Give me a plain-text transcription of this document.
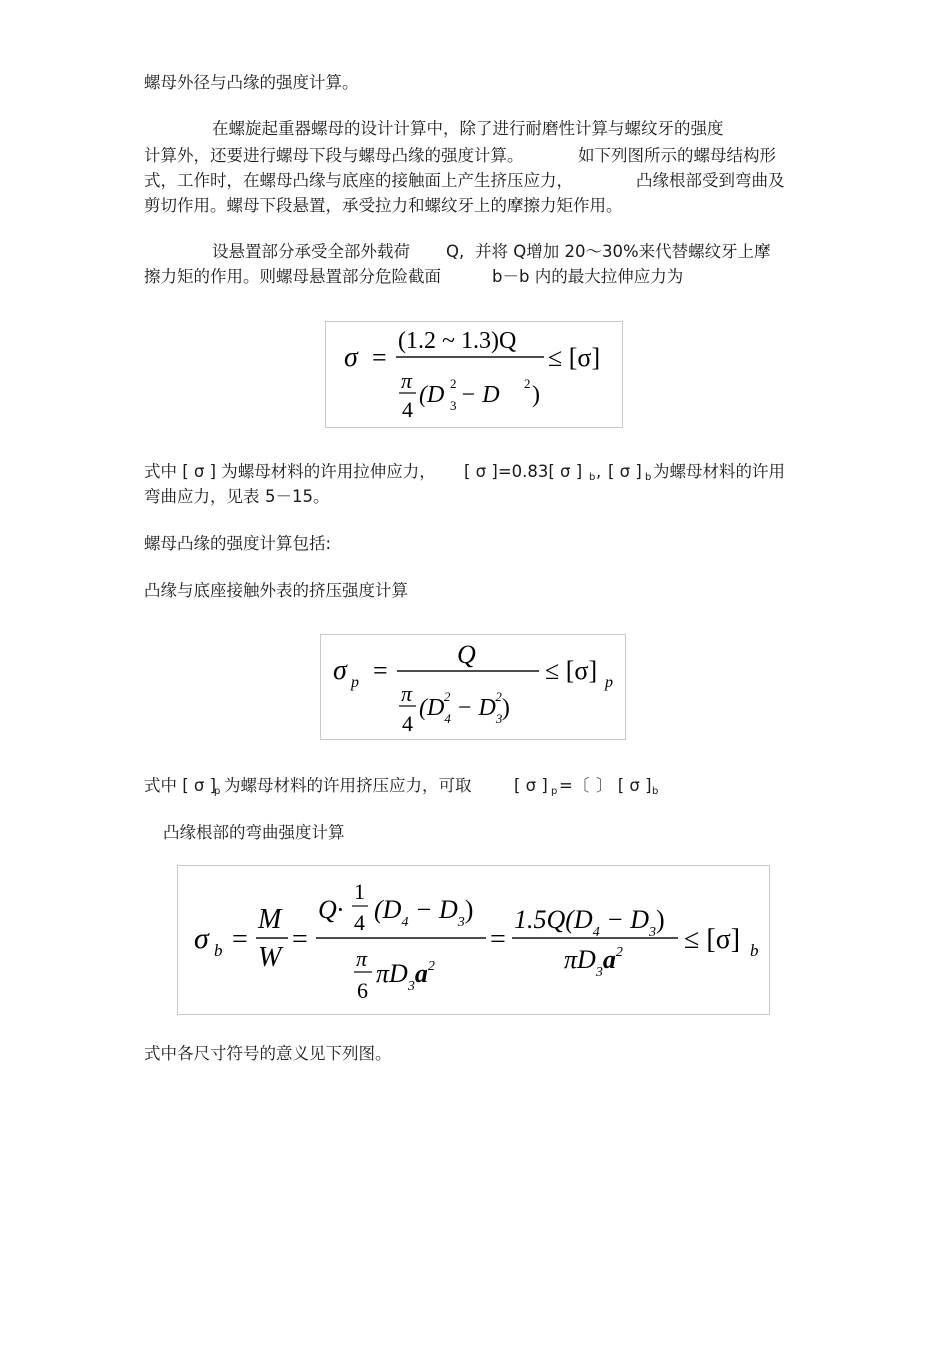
螺母外径与凸缘的强度计算。
在螺旋起重器螺母的设计计算中，除了进行耐磨性计算与螺纹牙的强度
计算外，还要进行螺母下段与螺母凸缘的强度计算。	如下列图所示的螺母结构形
式，工作时，在螺母凸缘与底座的接触面上产生挤压应力，	凸缘根部受到弯曲及
剪切作用。螺母下段悬置，承受拉力和螺纹牙上的摩擦力矩作用。
设悬置部分承受全部外载荷 Q, 并将 Q增加 20～30%来代替螺纹牙上摩
擦力矩的作用。则螺母悬置部分危险截面	b－b 内的最大拉伸应力为
σ =
(1.2 ~ 1.3)Q
π
4
(D 3
2 − D 2 )
≤ [σ]
式中 [ σ ] 为螺母材料的许用拉伸应力， [ σ ]=0.83[ σ ] b , [ σ ] b 为螺母材料的许用
弯曲应力，见表 5－15。
螺母凸缘的强度计算包括:
凸缘与底座接触外表的挤压强度计算
σ p =
Q
π
4
$(D_42 - D_32)$
≤ [σ] p
式中 [ σ ]
p 为螺母材料的许用挤压应力，可取	[ σ ] p =〔 〕 [ σ ] b
凸缘根部的弯曲强度计算
σ b =
M
W
=
Q·
1
4 $(D_4 - D_3)$
π
6
$\pi D_3a^2$
=
$1.5Q(D_4 - D_3)$
$\pi D_3a^2 \le [\sigma]$ b
式中各尺寸符号的意义见下列图。
